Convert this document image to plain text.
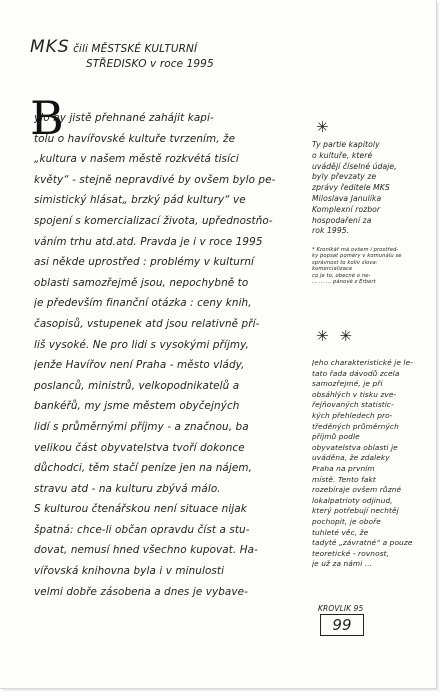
MKS čili MĚSTSKÉ KULTURNÍ
STŘEDISKO v roce 1995
B
ylo by jistě přehnané zahájit kapi-
tolu o havířovské kultuře tvrzením, že
„kultura v našem městě rozkvétá tisíci
květy“ - stejně nepravdivé by ovšem bylo pe-
simistický hlásat„ brzký pád kultury“ ve
spojení s komercializací života, upřednostňo-
váním trhu atd.atd. Pravda je i v roce 1995
asi někde uprostřed : problémy v kulturní
oblasti samozřejmě jsou, nepochybně to
je především finanční otázka : ceny knih,
časopisů, vstupenek atd jsou relativně pří-
liš vysoké. Ne pro lidi s vysokými příjmy,
jenže Havířov není Praha - město vlády,
poslanců, ministrů, velkopodnikatelů a
bankéřů, my jsme městem obyčejných
lidí s průměrnými příjmy - a značnou, ba
velikou část obyvatelstva tvoří dokonce
důchodci, těm stačí peníze jen na nájem,
stravu atd - na kulturu zbývá málo.
S kulturou čtenářskou není situace nijak
špatná: chce-li občan opravdu číst a stu-
dovat, nemusí hned všechno kupovat. Ha-
vířovská knihovna byla i v minulosti
velmi dobře zásobena a dnes je vybave-
✳
Ty partie kapitoly
o kultuře, které
uvádějí číselné údaje,
byly převzaty ze
zprávy ředitele MKS
Miloslava Janulíka
Komplexní rozbor
hospodaření za
rok 1995.
* Kronikář má ovšem i prostřed-
ky popsat poměry v komunálu se
správnost to koliv slova:
komercializace
co je to, obecně o ne-
... ... ... pánové z Erbert
✳ ✳
Jeho charakteristické je le-
tato řada dávodů zcela
samozřejmé, je při
obsáhlých v tisku zve-
řejňovaných statistic-
kých přehledech pro-
tředěných průměrných
příjmů podle
obyvatelstva oblasti je
uváděna, že zdaleky
Praha na prvním
místě. Tento fakt
rozebíraje ovšem různé
lokalpatrioty odjinud,
který potřebují nechtěj
pochopit, je oboře
tuhleté věc, že
tadyté „závratné“ a pouze
teoretické - rovnost,
je už za námi ...
KROVLIK 95
99
